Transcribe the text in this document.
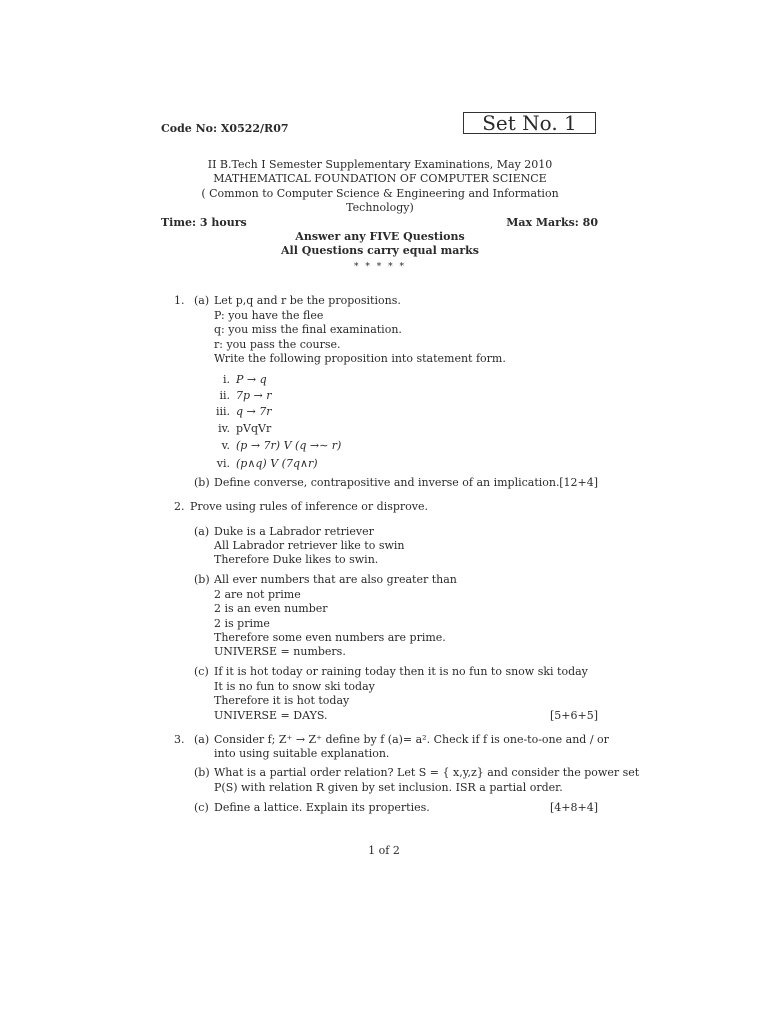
Code No: X0522/R07	Set No. 1
II B.Tech I Semester Supplementary Examinations, May 2010
MATHEMATICAL FOUNDATION OF COMPUTER SCIENCE
( Common to Computer Science & Engineering and Information
Technology)
Time: 3 hours	Max Marks: 80
Answer any FIVE Questions
All Questions carry equal marks
* * * * *
1. (a) Let p,q and r be the propositions.
P: you have the flee
q: you miss the final examination.
r: you pass the course.
Write the following proposition into statement form.
i. P → q
ii. 7p → r
iii. q → 7r
iv. pVqVr
v. (p → 7r) V (q →∼ r)
vi. (p∧q) V (7q∧r)
(b) Define converse, contrapositive and inverse of an implication. [12+4]
2. Prove using rules of inference or disprove.
(a) Duke is a Labrador retriever
All Labrador retriever like to swin
Therefore Duke likes to swin.
(b) All ever numbers that are also greater than
2 are not prime
2 is an even number
2 is prime
Therefore some even numbers are prime.
UNIVERSE = numbers.
(c) If it is hot today or raining today then it is no fun to snow ski today
It is no fun to snow ski today
Therefore it is hot today
UNIVERSE = DAYS.	[5+6+5]
3. (a) Consider f; Z⁺ → Z⁺ define by f (a)= a². Check if f is one-to-one and / or
into using suitable explanation.
(b) What is a partial order relation? Let S = { x,y,z} and consider the power set
P(S) with relation R given by set inclusion. ISR a partial order.
(c) Define a lattice. Explain its properties.	[4+8+4]
1 of 2
